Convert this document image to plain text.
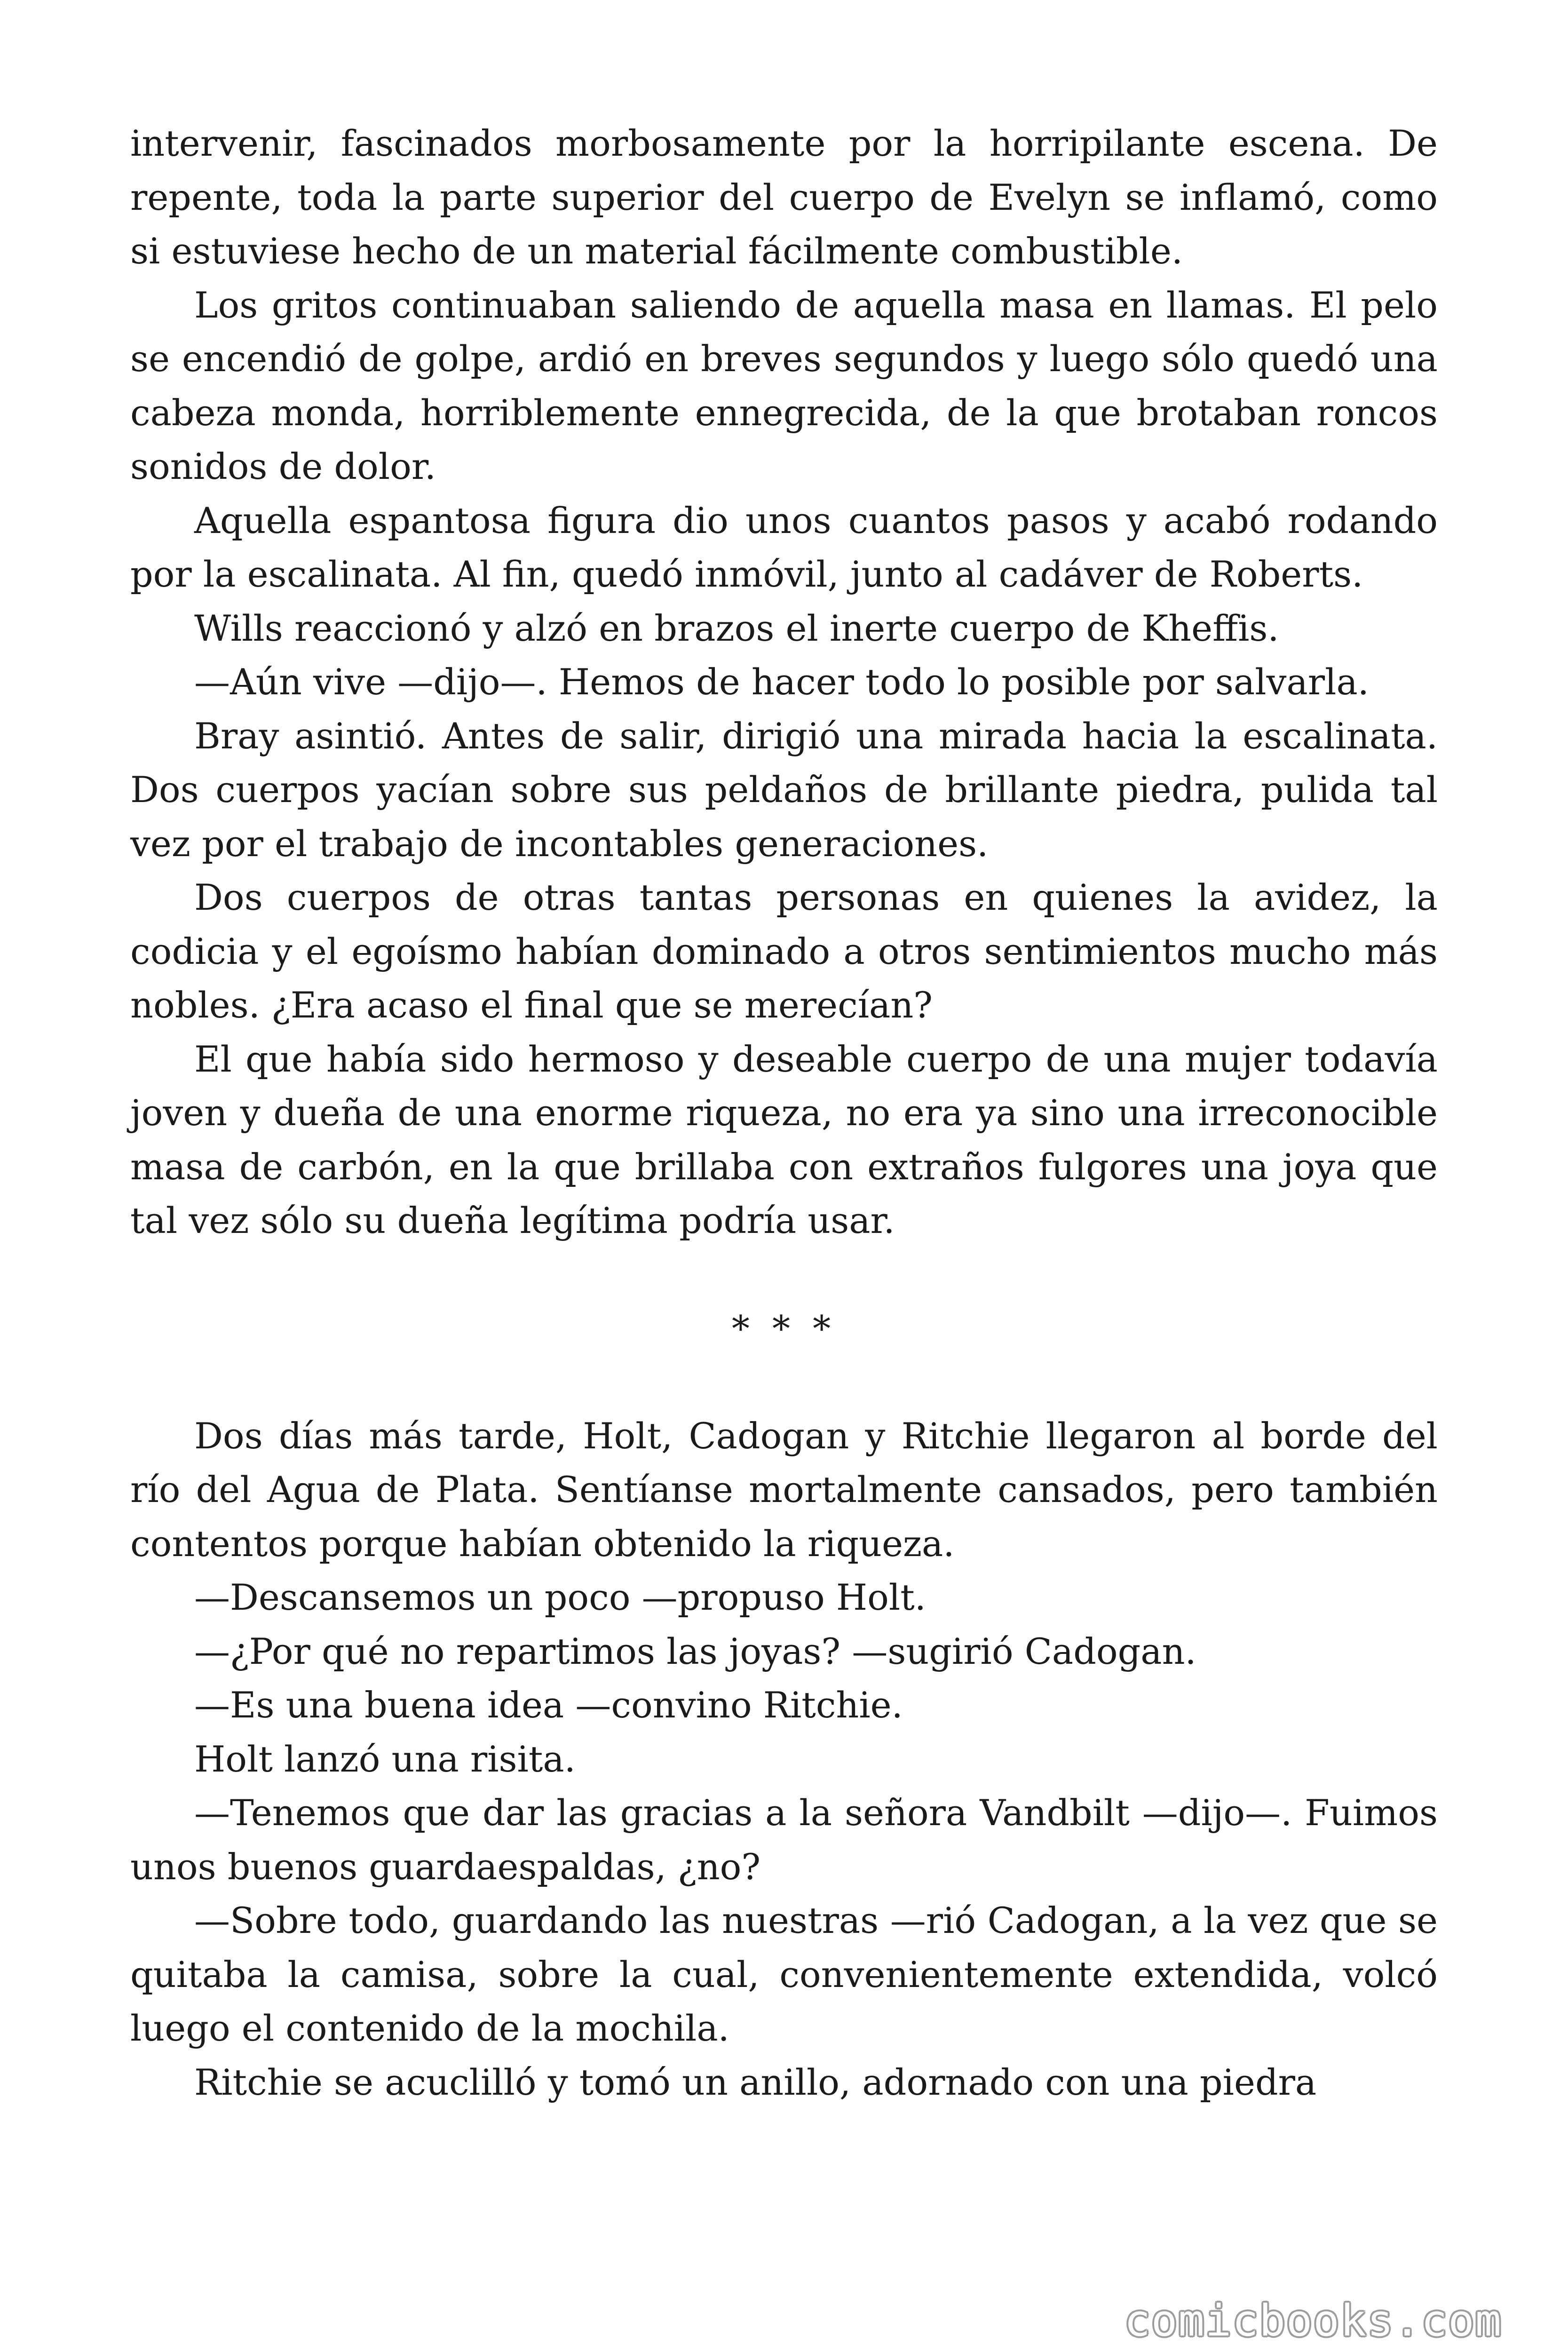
intervenir, fascinados morbosamente por la horripilante escena. De repente, toda la parte superior del cuerpo de Evelyn se inflamó, como si estuviese hecho de un material fácilmente combustible.

Los gritos continuaban saliendo de aquella masa en llamas. El pelo se encendió de golpe, ardió en breves segundos y luego sólo quedó una cabeza monda, horriblemente ennegrecida, de la que brotaban roncos sonidos de dolor.

Aquella espantosa figura dio unos cuantos pasos y acabó rodando por la escalinata. Al fin, quedó inmóvil, junto al cadáver de Roberts.

Wills reaccionó y alzó en brazos el inerte cuerpo de Kheffis.

—Aún vive —dijo—. Hemos de hacer todo lo posible por salvarla.

Bray asintió. Antes de salir, dirigió una mirada hacia la escalinata. Dos cuerpos yacían sobre sus peldaños de brillante piedra, pulida tal vez por el trabajo de incontables generaciones.

Dos cuerpos de otras tantas personas en quienes la avidez, la codicia y el egoísmo habían dominado a otros sentimientos mucho más nobles. ¿Era acaso el final que se merecían?

El que había sido hermoso y deseable cuerpo de una mujer todavía joven y dueña de una enorme riqueza, no era ya sino una irreconocible masa de carbón, en la que brillaba con extraños fulgores una joya que tal vez sólo su dueña legítima podría usar.

* * *

Dos días más tarde, Holt, Cadogan y Ritchie llegaron al borde del río del Agua de Plata. Sentíanse mortalmente cansados, pero también contentos porque habían obtenido la riqueza.

—Descansemos un poco —propuso Holt.

—¿Por qué no repartimos las joyas? —sugirió Cadogan.

—Es una buena idea —convino Ritchie.

Holt lanzó una risita.

—Tenemos que dar las gracias a la señora Vandbilt —dijo—. Fuimos unos buenos guardaespaldas, ¿no?

—Sobre todo, guardando las nuestras —rió Cadogan, a la vez que se quitaba la camisa, sobre la cual, convenientemente extendida, volcó luego el contenido de la mochila.

Ritchie se acuclilló y tomó un anillo, adornado con una piedra

comicbooks.com
